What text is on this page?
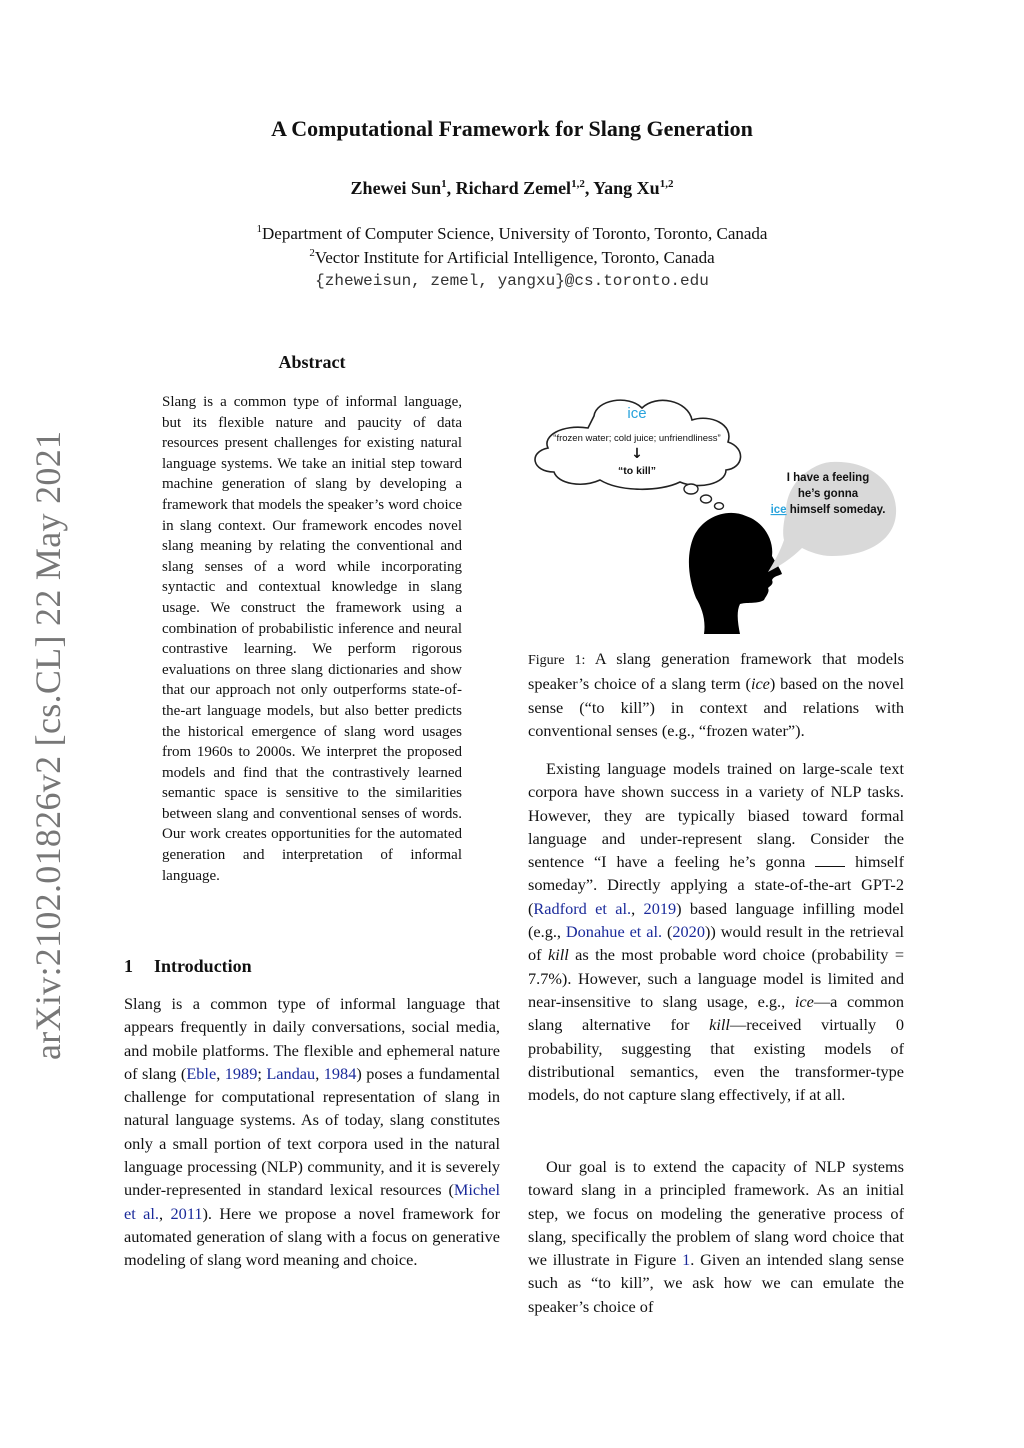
arXiv:2102.01826v2 [cs.CL] 22 May 2021
A Computational Framework for Slang Generation
Zhewei Sun$^1$, Richard Zemel$^{1,2}$, Yang Xu$^{1,2}$
$^1$Department of Computer Science, University of Toronto, Toronto, Canada
$^2$Vector Institute for Artificial Intelligence, Toronto, Canada
{zheweisun, zemel, yangxu}@cs.toronto.edu
Abstract
Slang is a common type of informal language, but its flexible nature and paucity of data resources present challenges for existing natural language systems. We take an initial step toward machine generation of slang by developing a framework that models the speaker’s word choice in slang context. Our framework encodes novel slang meaning by relating the conventional and slang senses of a word while incorporating syntactic and contextual knowledge in slang usage. We construct the framework using a combination of probabilistic inference and neural contrastive learning. We perform rigorous evaluations on three slang dictionaries and show that our approach not only outperforms state-of-the-art language models, but also better predicts the historical emergence of slang word usages from 1960s to 2000s. We interpret the proposed models and find that the contrastively learned semantic space is sensitive to the similarities between slang and conventional senses of words. Our work creates opportunities for the automated generation and interpretation of informal language.
1 Introduction
Slang is a common type of informal language that appears frequently in daily conversations, social media, and mobile platforms. The flexible and ephemeral nature of slang (Eble, 1989; Landau, 1984) poses a fundamental challenge for computational representation of slang in natural language systems. As of today, slang constitutes only a small portion of text corpora used in the natural language processing (NLP) community, and it is severely under-represented in standard lexical resources (Michel et al., 2011). Here we propose a novel framework for automated generation of slang with a focus on generative modeling of slang word meaning and choice.
ice
“frozen water; cold juice; unfriendliness”
↓
“to kill”
I have a feeling
he’s gonna
ice himself someday.
Figure 1: A slang generation framework that models speaker’s choice of a slang term (ice) based on the novel sense (“to kill”) in context and relations with conventional senses (e.g., “frozen water”).
Existing language models trained on large-scale text corpora have shown success in a variety of NLP tasks. However, they are typically biased toward formal language and under-represent slang. Consider the sentence “I have a feeling he’s gonna  himself someday”. Directly applying a state-of-the-art GPT-2 (Radford et al., 2019) based language infilling model (e.g., Donahue et al. (2020)) would result in the retrieval of kill as the most probable word choice (probability = 7.7%). However, such a language model is limited and near-insensitive to slang usage, e.g., ice—a common slang alternative for kill—received virtually 0 probability, suggesting that existing models of distributional semantics, even the transformer-type models, do not capture slang effectively, if at all.
Our goal is to extend the capacity of NLP systems toward slang in a principled framework. As an initial step, we focus on modeling the generative process of slang, specifically the problem of slang word choice that we illustrate in Figure 1. Given an intended slang sense such as “to kill”, we ask how we can emulate the speaker’s choice of
